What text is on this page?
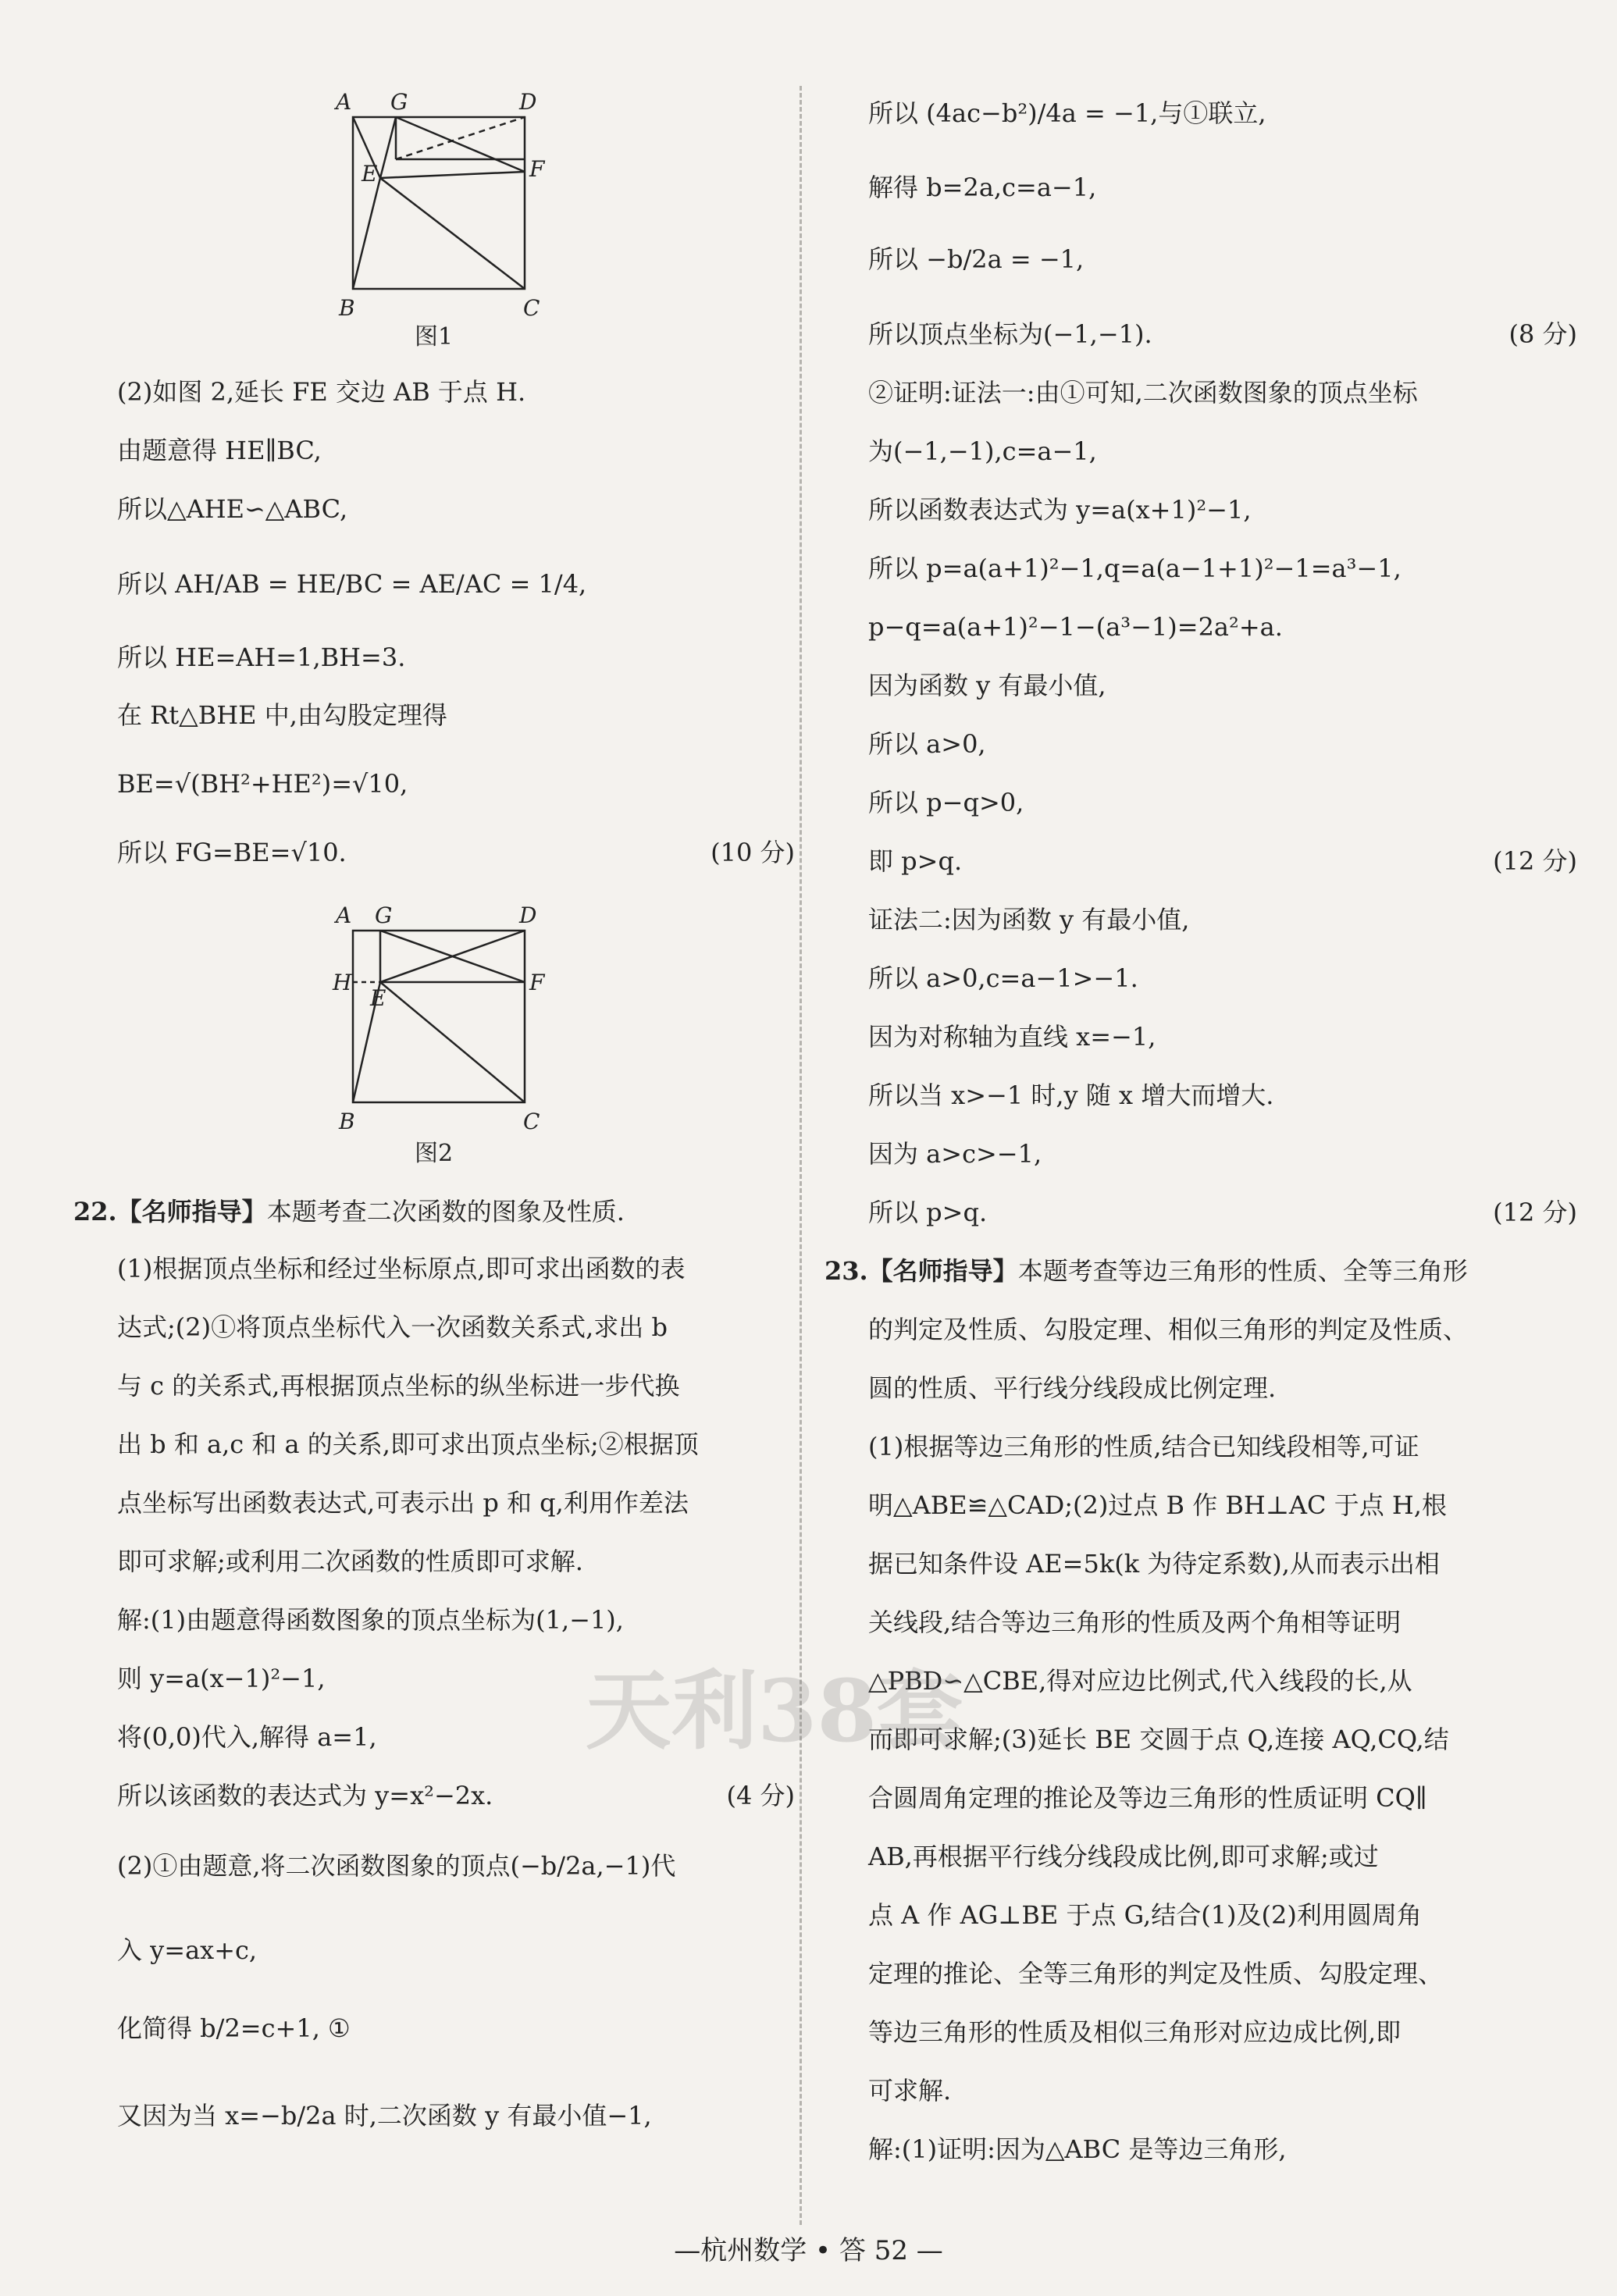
A G	D
E	F
B	C
图1
(2)如图 2,延长 FE 交边 AB 于点 H.
由题意得 HE∥BC,
所以△AHE∽△ABC,
所以 AH/AB = HE/BC = AE/AC = 1/4,
所以 HE=AH=1,BH=3.
在 Rt△BHE 中,由勾股定理得
BE=√(BH²+HE²)=√10,
所以 FG=BE=√10.	(10 分)
A G	D
H
E
F
B	C
图2
22.【名师指导】本题考查二次函数的图象及性质.
(1)根据顶点坐标和经过坐标原点,即可求出函数的表
达式;(2)①将顶点坐标代入一次函数关系式,求出 b
与 c 的关系式,再根据顶点坐标的纵坐标进一步代换
出 b 和 a,c 和 a 的关系,即可求出顶点坐标;②根据顶
点坐标写出函数表达式,可表示出 p 和 q,利用作差法
即可求解;或利用二次函数的性质即可求解.
解:(1)由题意得函数图象的顶点坐标为(1,−1),
则 y=a(x−1)²−1,
将(0,0)代入,解得 a=1,
所以该函数的表达式为 y=x²−2x.	(4 分)
(2)①由题意,将二次函数图象的顶点(−b/2a,−1)代
入 y=ax+c,
化简得 b/2=c+1, ①
又因为当 x=−b/2a 时,二次函数 y 有最小值−1,
所以 (4ac−b²)/4a = −1,与①联立,
解得 b=2a,c=a−1,
所以 −b/2a = −1,
所以顶点坐标为(−1,−1).	(8 分)
②证明:证法一:由①可知,二次函数图象的顶点坐标
为(−1,−1),c=a−1,
所以函数表达式为 y=a(x+1)²−1,
所以 p=a(a+1)²−1,q=a(a−1+1)²−1=a³−1,
p−q=a(a+1)²−1−(a³−1)=2a²+a.
因为函数 y 有最小值,
所以 a>0,
所以 p−q>0,
即 p>q.	(12 分)
证法二:因为函数 y 有最小值,
所以 a>0,c=a−1>−1.
因为对称轴为直线 x=−1,
所以当 x>−1 时,y 随 x 增大而增大.
因为 a>c>−1,
所以 p>q.	(12 分)
23.【名师指导】本题考查等边三角形的性质、全等三角形
的判定及性质、勾股定理、相似三角形的判定及性质、
圆的性质、平行线分线段成比例定理.
(1)根据等边三角形的性质,结合已知线段相等,可证
明△ABE≌△CAD;(2)过点 B 作 BH⊥AC 于点 H,根
据已知条件设 AE=5k(k 为待定系数),从而表示出相
关线段,结合等边三角形的性质及两个角相等证明
△PBD∽△CBE,得对应边比例式,代入线段的长,从
而即可求解;(3)延长 BE 交圆于点 Q,连接 AQ,CQ,结
合圆周角定理的推论及等边三角形的性质证明 CQ∥
AB,再根据平行线分线段成比例,即可求解;或过
点 A 作 AG⊥BE 于点 G,结合(1)及(2)利用圆周角
定理的推论、全等三角形的判定及性质、勾股定理、
等边三角形的性质及相似三角形对应边成比例,即
可求解.
解:(1)证明:因为△ABC 是等边三角形,
天利38套
—杭州数学 • 答 52 —
